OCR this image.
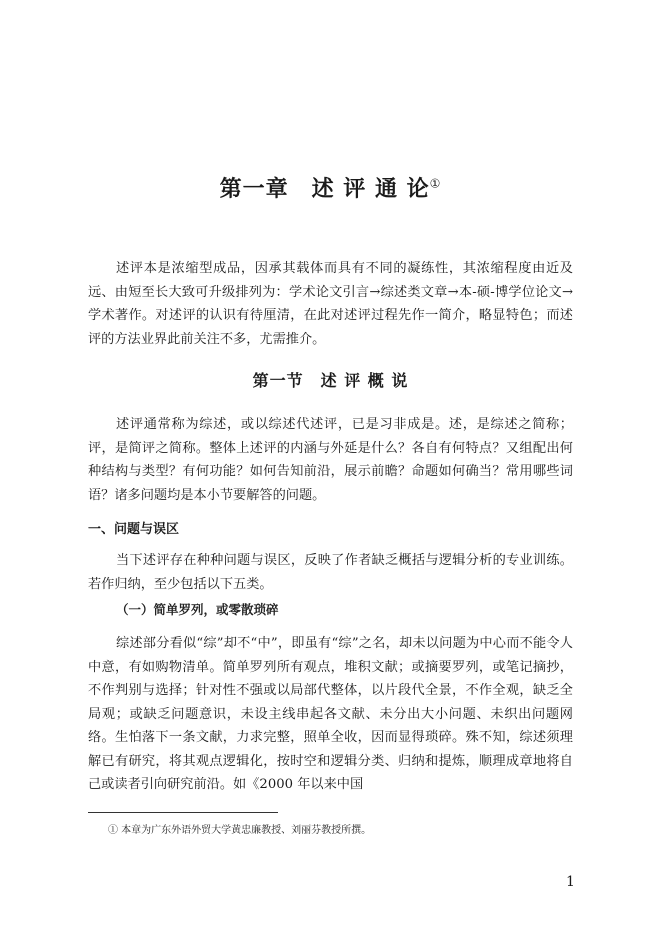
第一章　述 评 通 论①

述评本是浓缩型成品，因承其载体而具有不同的凝练性，其浓缩程度由近及远、由短至长大致可升级排列为：学术论文引言→综述类文章→本-硕-博学位论文→学术著作。对述评的认识有待厘清，在此对述评过程先作一简介，略显特色；而述评的方法业界此前关注不多，尤需推介。

第一节　述 评 概 说

述评通常称为综述，或以综述代述评，已是习非成是。述，是综述之简称；评，是简评之简称。整体上述评的内涵与外延是什么？各自有何特点？又组配出何种结构与类型？有何功能？如何告知前沿，展示前瞻？命题如何确当？常用哪些词语？诸多问题均是本小节要解答的问题。

一、问题与误区

当下述评存在种种问题与误区，反映了作者缺乏概括与逻辑分析的专业训练。若作归纳，至少包括以下五类。

（一）简单罗列，或零散琐碎

综述部分看似“综”却不“中”，即虽有“综”之名，却未以问题为中心而不能令人中意，有如购物清单。简单罗列所有观点，堆积文献；或摘要罗列，或笔记摘抄，不作判别与选择；针对性不强或以局部代整体，以片段代全景，不作全观，缺乏全局观；或缺乏问题意识，未设主线串起各文献、未分出大小问题、未织出问题网络。生怕落下一条文献，力求完整，照单全收，因而显得琐碎。殊不知，综述须理解已有研究，将其观点逻辑化，按时空和逻辑分类、归纳和提炼，顺理成章地将自己或读者引向研究前沿。如《2000 年以来中国

① 本章为广东外语外贸大学黄忠廉教授、刘丽芬教授所撰。

1
